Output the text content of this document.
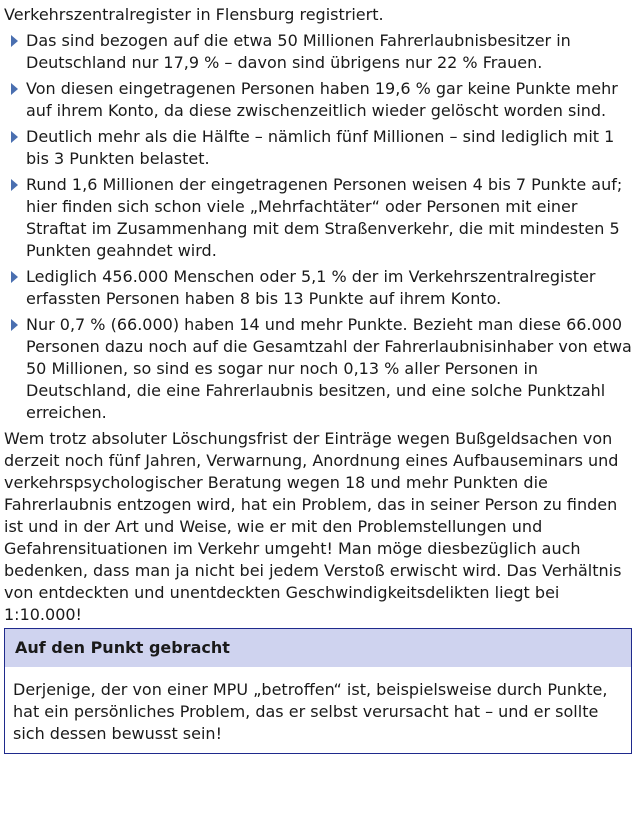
Verkehrszentralregister in Flensburg registriert.

Das sind bezogen auf die etwa 50 Millionen Fahrerlaubnisbesitzer in Deutschland nur 17,9 % – davon sind übrigens nur 22 % Frauen.
Von diesen eingetragenen Personen haben 19,6 % gar keine Punkte mehr auf ihrem Konto, da diese zwischenzeitlich wieder gelöscht worden sind.
Deutlich mehr als die Hälfte – nämlich fünf Millionen – sind lediglich mit 1 bis 3 Punkten belastet.
Rund 1,6 Millionen der eingetragenen Personen weisen 4 bis 7 Punkte auf; hier finden sich schon viele „Mehrfachtäter“ oder Personen mit einer Straftat im Zusammenhang mit dem Straßenverkehr, die mit mindesten 5 Punkten geahndet wird.
Lediglich 456.000 Menschen oder 5,1 % der im Verkehrszentralregister erfassten Personen haben 8 bis 13 Punkte auf ihrem Konto.
Nur 0,7 % (66.000) haben 14 und mehr Punkte. Bezieht man diese 66.000 Personen dazu noch auf die Gesamtzahl der Fahrerlaubnisinhaber von etwa 50 Millionen, so sind es sogar nur noch 0,13 % aller Personen in Deutschland, die eine Fahrerlaubnis besitzen, und eine solche Punktzahl erreichen.

Wem trotz absoluter Löschungsfrist der Einträge wegen Bußgeldsachen von derzeit noch fünf Jahren, Verwarnung, Anordnung eines Aufbauseminars und verkehrspsychologischer Beratung wegen 18 und mehr Punkten die Fahrerlaubnis entzogen wird, hat ein Problem, das in seiner Person zu finden ist und in der Art und Weise, wie er mit den Problemstellungen und Gefahrensituationen im Verkehr umgeht! Man möge diesbezüglich auch bedenken, dass man ja nicht bei jedem Verstoß erwischt wird. Das Verhältnis von entdeckten und unentdeckten Geschwindigkeitsdelikten liegt bei 1:10.000!

Auf den Punkt gebracht
Derjenige, der von einer MPU „betroffen“ ist, beispielsweise durch Punkte, hat ein persönliches Problem, das er selbst verursacht hat – und er sollte sich dessen bewusst sein!
